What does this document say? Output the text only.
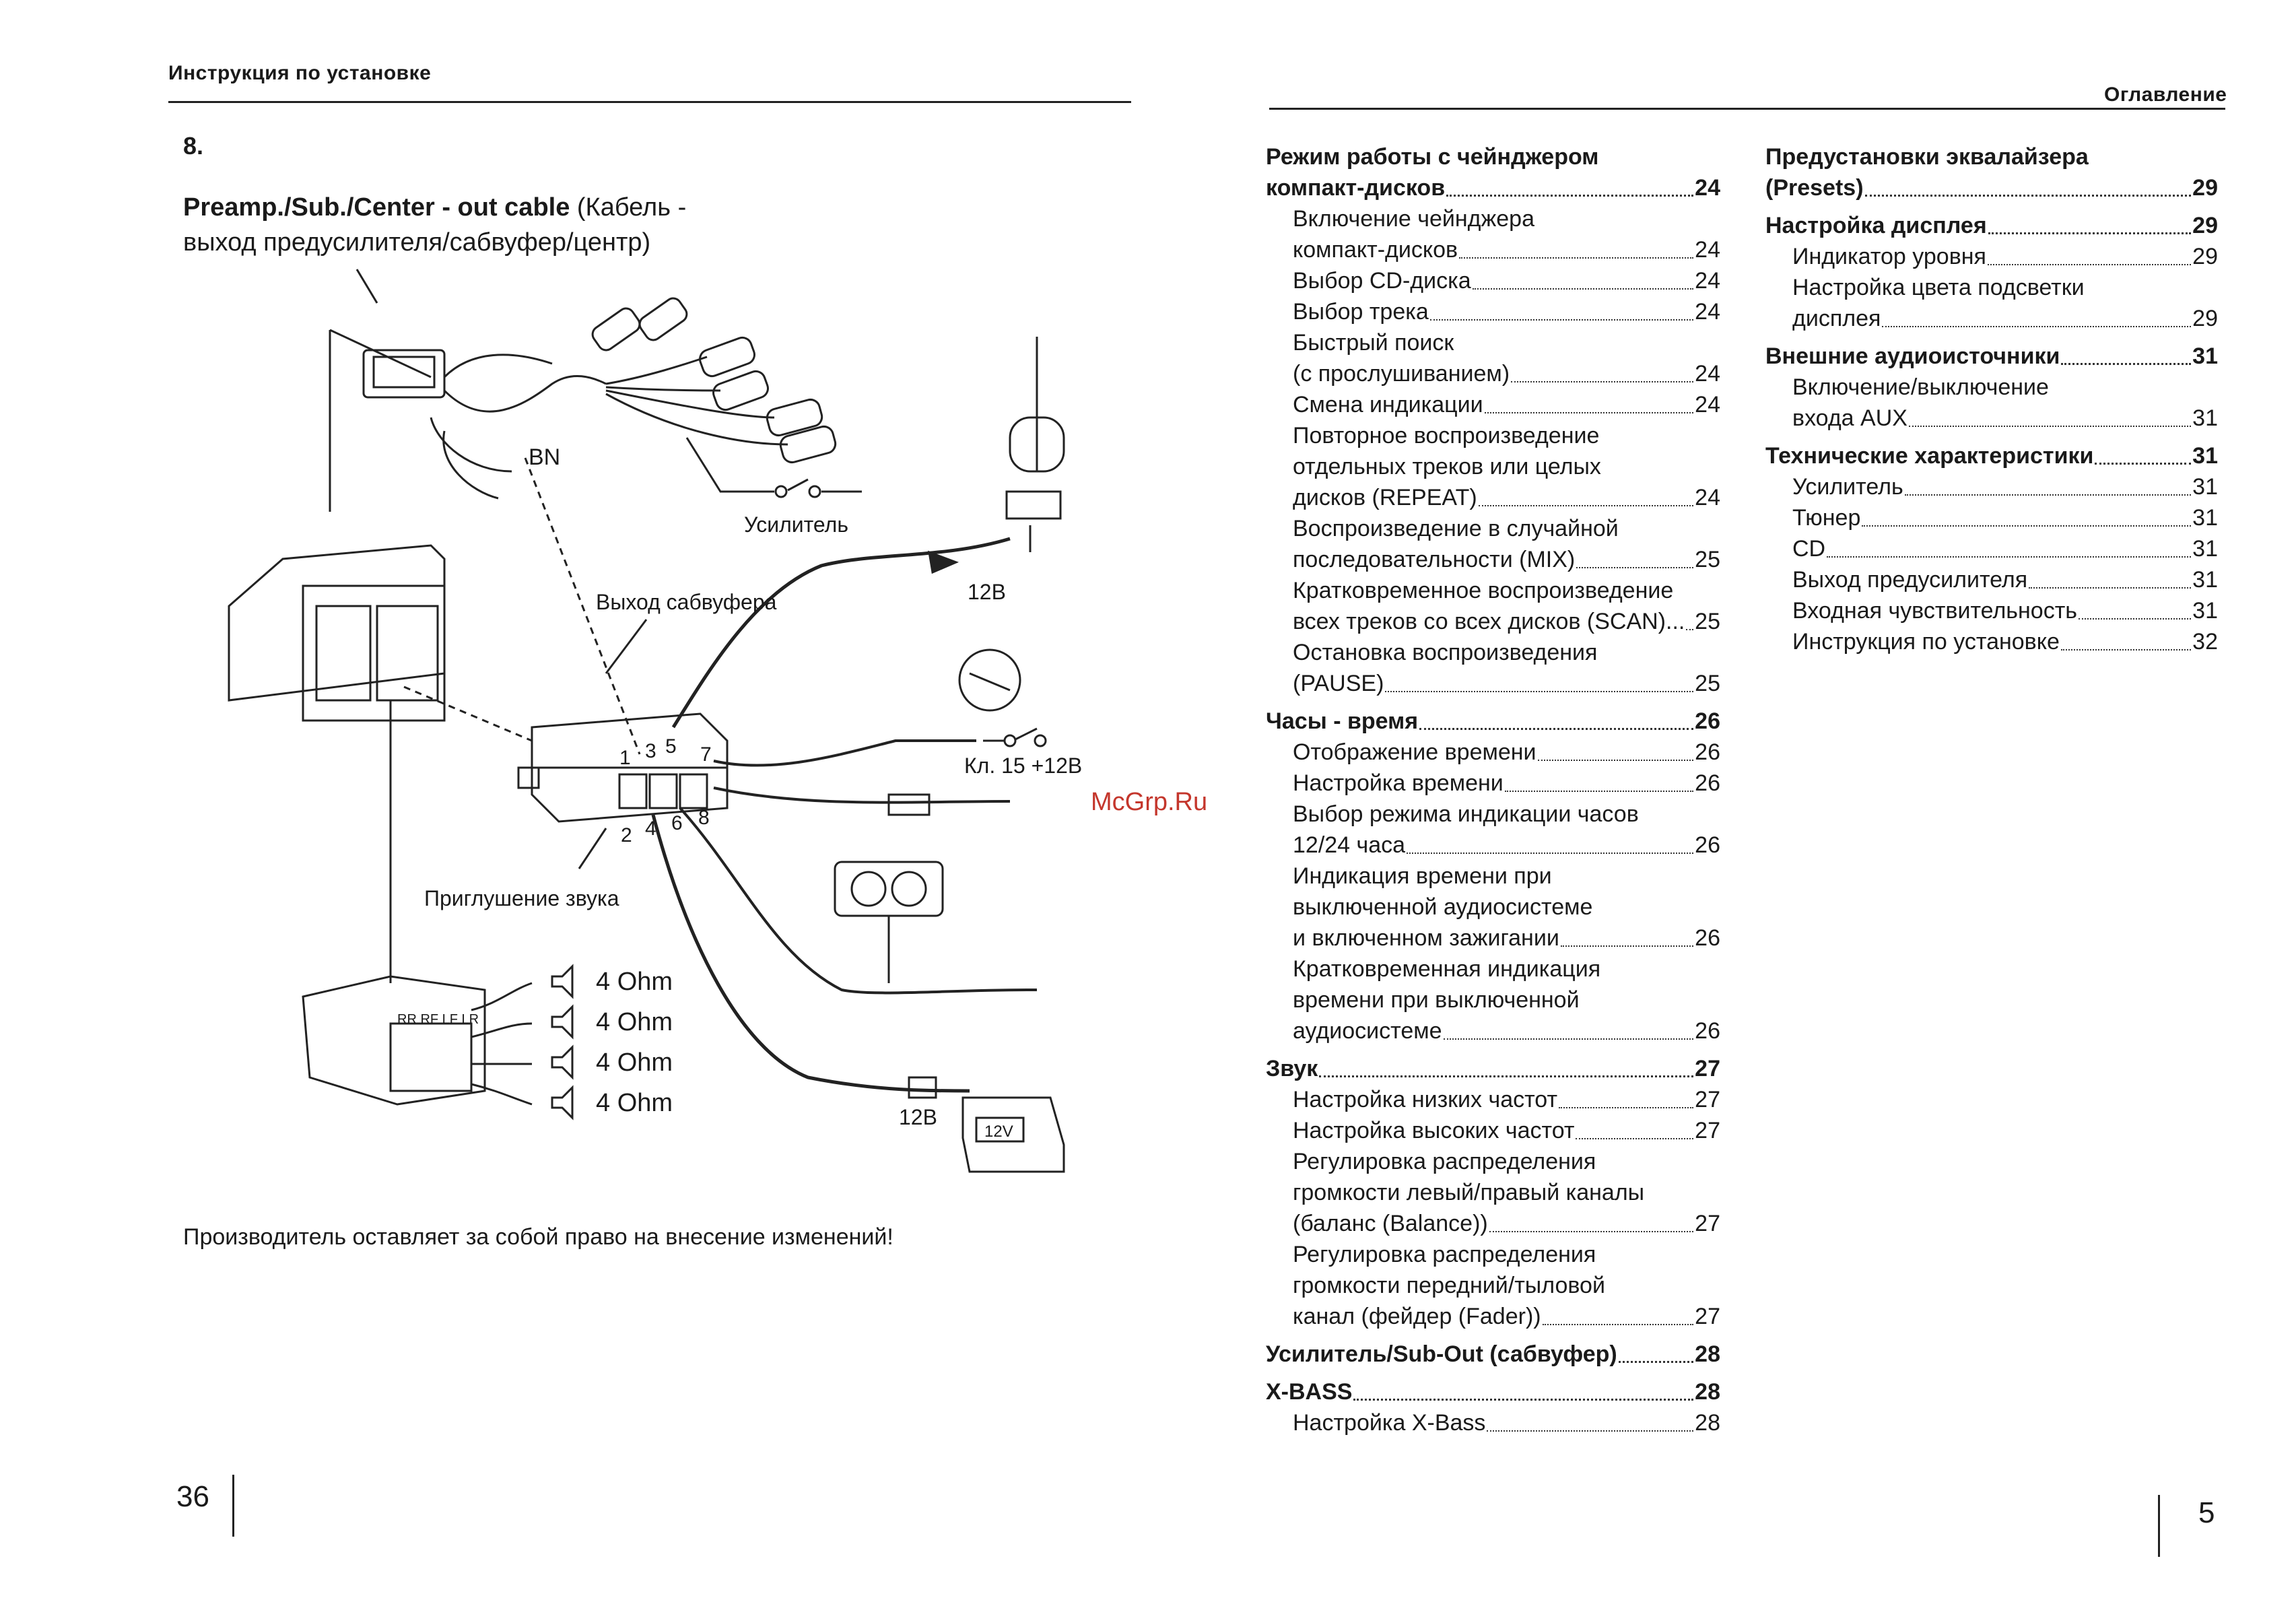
Инструкция по установке
8.
Preamp./Sub./Center - out cable (Кабель - выход предусилителя/сабвуфер/центр)
BN
Усилитель
Выход сабвуфера	12В
Кл. 15 +12В
Приглушение звука
12В
12V
RR RF LF LR
4 Ohm
4 Ohm
4 Ohm
4 Ohm
1 3 5 7
2 4 6 8
Производитель оставляет за собой право на внесение изменений!
36
McGrp.Ru
Оглавление
5
Режим работы с чейнджером
компакт-дисков	24
Включение чейнджера
компакт-дисков	24
Выбор CD-диска	24
Выбор трека	24
Быстрый поиск
(с прослушиванием)	24
Смена индикации	24
Повторное воспроизведение
отдельных треков или целых
дисков (REPEAT)	24
Воспроизведение в случайной
последовательности (MIX)	25
Кратковременное воспроизведение
всех треков со всех дисков (SCAN)... 25
Остановка воспроизведения
(PAUSE)	25
Часы - время	26
Отображение времени	26
Настройка времени	26
Выбор режима индикации часов
12/24 часа	26
Индикация времени при
выключенной аудиосистеме
и включенном зажигании	26
Кратковременная индикация
времени при выключенной
аудиосистеме	26
Звук	27
Настройка низких частот	27
Настройка высоких частот	27
Регулировка распределения
громкости левый/правый каналы
(баланс (Balance))	27
Регулировка распределения
громкости передний/тыловой
канал (фейдер (Fader))	27
Усилитель/Sub-Out (сабвуфер)	28
X-BASS	28
Настройка X-Bass	28
Предустановки эквалайзера
(Presets)	29
Настройка дисплея	29
Индикатор уровня	29
Настройка цвета подсветки
дисплея	29
Внешние аудиоисточники	31
Включение/выключение
входа AUX	31
Технические характеристики	31
Усилитель	31
Тюнер	31
CD	31
Выход предусилителя	31
Входная чувствительность	31
Инструкция по установке	32
